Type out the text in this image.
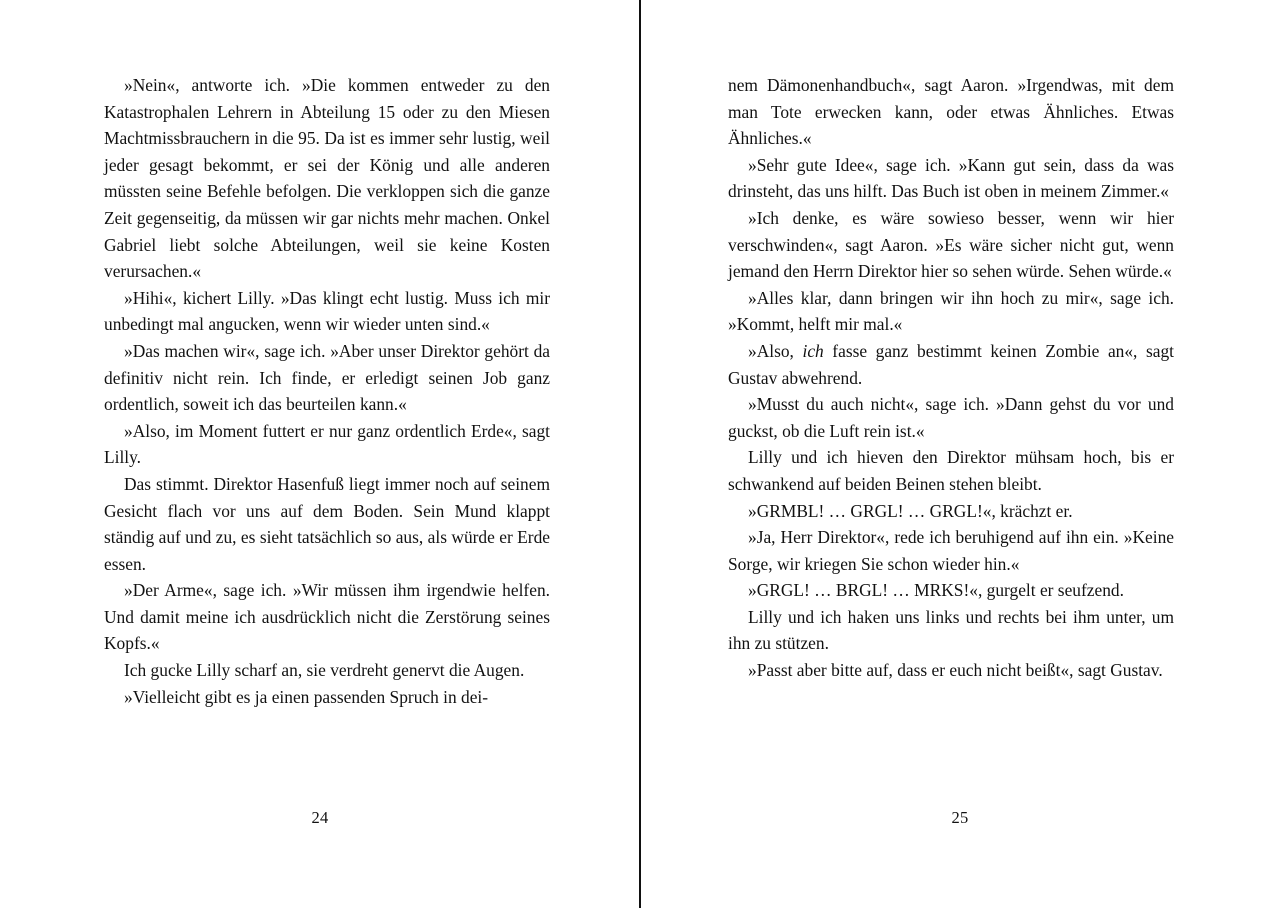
»Nein«, antworte ich. »Die kommen entweder zu den Katastrophalen Lehrern in Abteilung 15 oder zu den Miesen Machtmissbrauchern in die 95. Da ist es immer sehr lustig, weil jeder gesagt bekommt, er sei der König und alle anderen müssten seine Befehle befolgen. Die verkloppen sich die ganze Zeit gegenseitig, da müssen wir gar nichts mehr machen. Onkel Gabriel liebt solche Abteilungen, weil sie keine Kosten verursachen.«

»Hihi«, kichert Lilly. »Das klingt echt lustig. Muss ich mir unbedingt mal angucken, wenn wir wieder unten sind.«

»Das machen wir«, sage ich. »Aber unser Direktor gehört da definitiv nicht rein. Ich finde, er erledigt seinen Job ganz ordentlich, soweit ich das beurteilen kann.«

»Also, im Moment futtert er nur ganz ordentlich Erde«, sagt Lilly.

Das stimmt. Direktor Hasenfuß liegt immer noch auf seinem Gesicht flach vor uns auf dem Boden. Sein Mund klappt ständig auf und zu, es sieht tatsächlich so aus, als würde er Erde essen.

»Der Arme«, sage ich. »Wir müssen ihm irgendwie helfen. Und damit meine ich ausdrücklich nicht die Zerstörung seines Kopfs.«

Ich gucke Lilly scharf an, sie verdreht genervt die Augen.

»Vielleicht gibt es ja einen passenden Spruch in dei-

24

nem Dämonenhandbuch«, sagt Aaron. »Irgendwas, mit dem man Tote erwecken kann, oder etwas Ähnliches. Etwas Ähnliches.«

»Sehr gute Idee«, sage ich. »Kann gut sein, dass da was drinsteht, das uns hilft. Das Buch ist oben in meinem Zimmer.«

»Ich denke, es wäre sowieso besser, wenn wir hier verschwinden«, sagt Aaron. »Es wäre sicher nicht gut, wenn jemand den Herrn Direktor hier so sehen würde. Sehen würde.«

»Alles klar, dann bringen wir ihn hoch zu mir«, sage ich. »Kommt, helft mir mal.«

»Also, ich fasse ganz bestimmt keinen Zombie an«, sagt Gustav abwehrend.

»Musst du auch nicht«, sage ich. »Dann gehst du vor und guckst, ob die Luft rein ist.«

Lilly und ich hieven den Direktor mühsam hoch, bis er schwankend auf beiden Beinen stehen bleibt.

»GRMBL! … GRGL! … GRGL!«, krächzt er.

»Ja, Herr Direktor«, rede ich beruhigend auf ihn ein. »Keine Sorge, wir kriegen Sie schon wieder hin.«

»GRGL! … BRGL! … MRKS!«, gurgelt er seufzend.

Lilly und ich haken uns links und rechts bei ihm unter, um ihn zu stützen.

»Passt aber bitte auf, dass er euch nicht beißt«, sagt Gustav.

25
